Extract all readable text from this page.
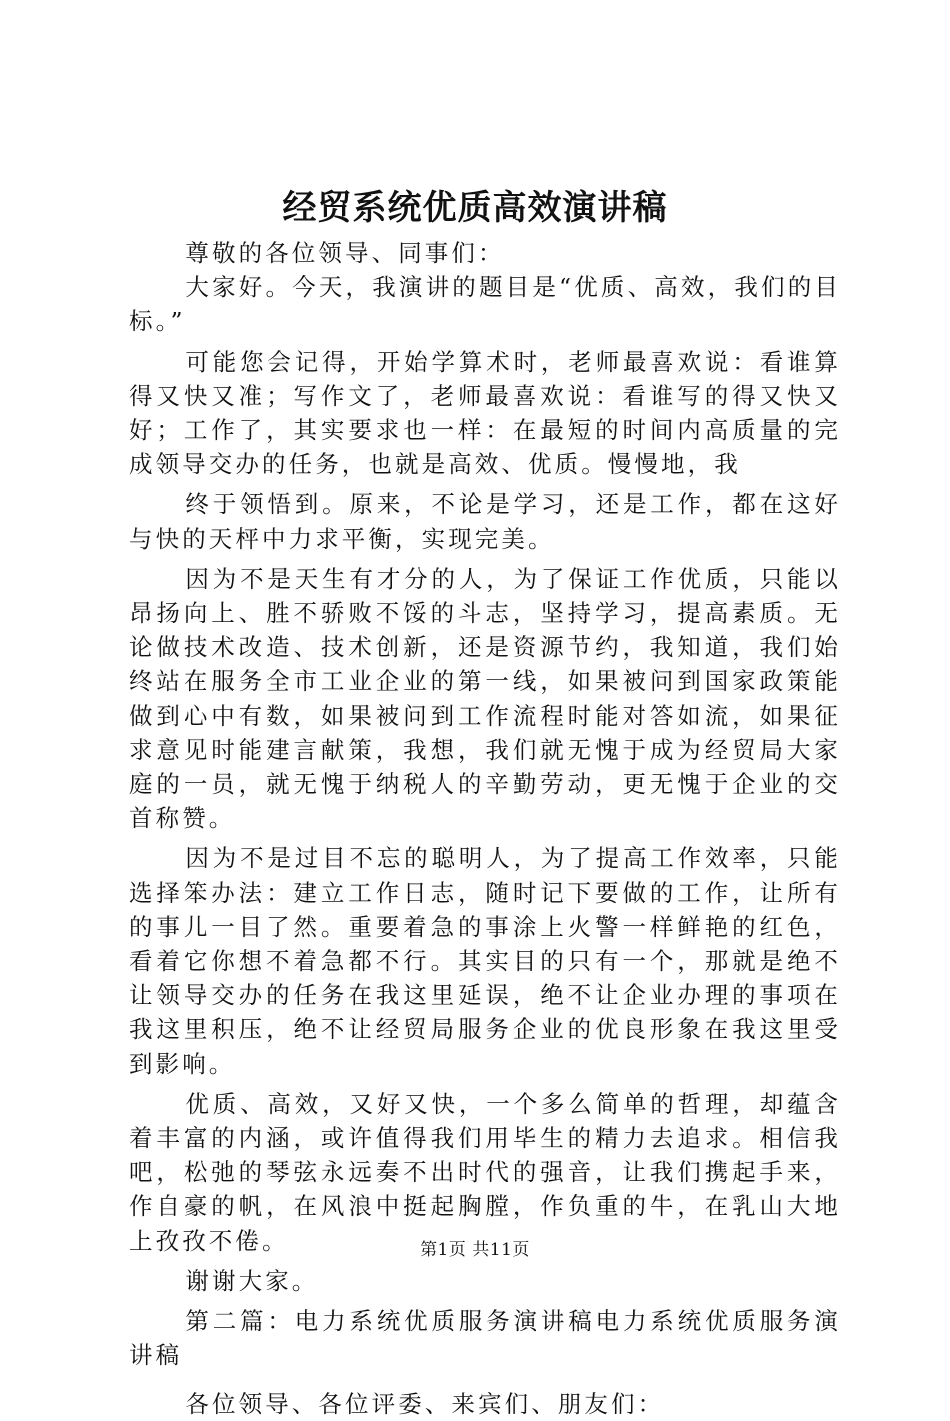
经贸系统优质高效演讲稿

尊敬的各位领导、同事们：

大家好。今天，我演讲的题目是“优质、高效，我们的目标。”

可能您会记得，开始学算术时，老师最喜欢说：看谁算得又快又准；写作文了，老师最喜欢说：看谁写的得又快又好；工作了，其实要求也一样：在最短的时间内高质量的完成领导交办的任务，也就是高效、优质。慢慢地，我

终于领悟到。原来，不论是学习，还是工作，都在这好与快的天枰中力求平衡，实现完美。

因为不是天生有才分的人，为了保证工作优质，只能以昂扬向上、胜不骄败不馁的斗志，坚持学习，提高素质。无论做技术改造、技术创新，还是资源节约，我知道，我们始终站在服务全市工业企业的第一线，如果被问到国家政策能做到心中有数，如果被问到工作流程时能对答如流，如果征求意见时能建言献策，我想，我们就无愧于成为经贸局大家庭的一员，就无愧于纳税人的辛勤劳动，更无愧于企业的交首称赞。

因为不是过目不忘的聪明人，为了提高工作效率，只能选择笨办法：建立工作日志，随时记下要做的工作，让所有的事儿一目了然。重要着急的事涂上火警一样鲜艳的红色，看着它你想不着急都不行。其实目的只有一个，那就是绝不让领导交办的任务在我这里延误，绝不让企业办理的事项在我这里积压，绝不让经贸局服务企业的优良形象在我这里受到影响。

优质、高效，又好又快，一个多么简单的哲理，却蕴含着丰富的内涵，或许值得我们用毕生的精力去追求。相信我吧，松弛的琴弦永远奏不出时代的强音，让我们携起手来，作自豪的帆，在风浪中挺起胸膛，作负重的牛，在乳山大地上孜孜不倦。

谢谢大家。

第二篇：电力系统优质服务演讲稿电力系统优质服务演讲稿

各位领导、各位评委、来宾们、朋友们：

第1页 共11页
